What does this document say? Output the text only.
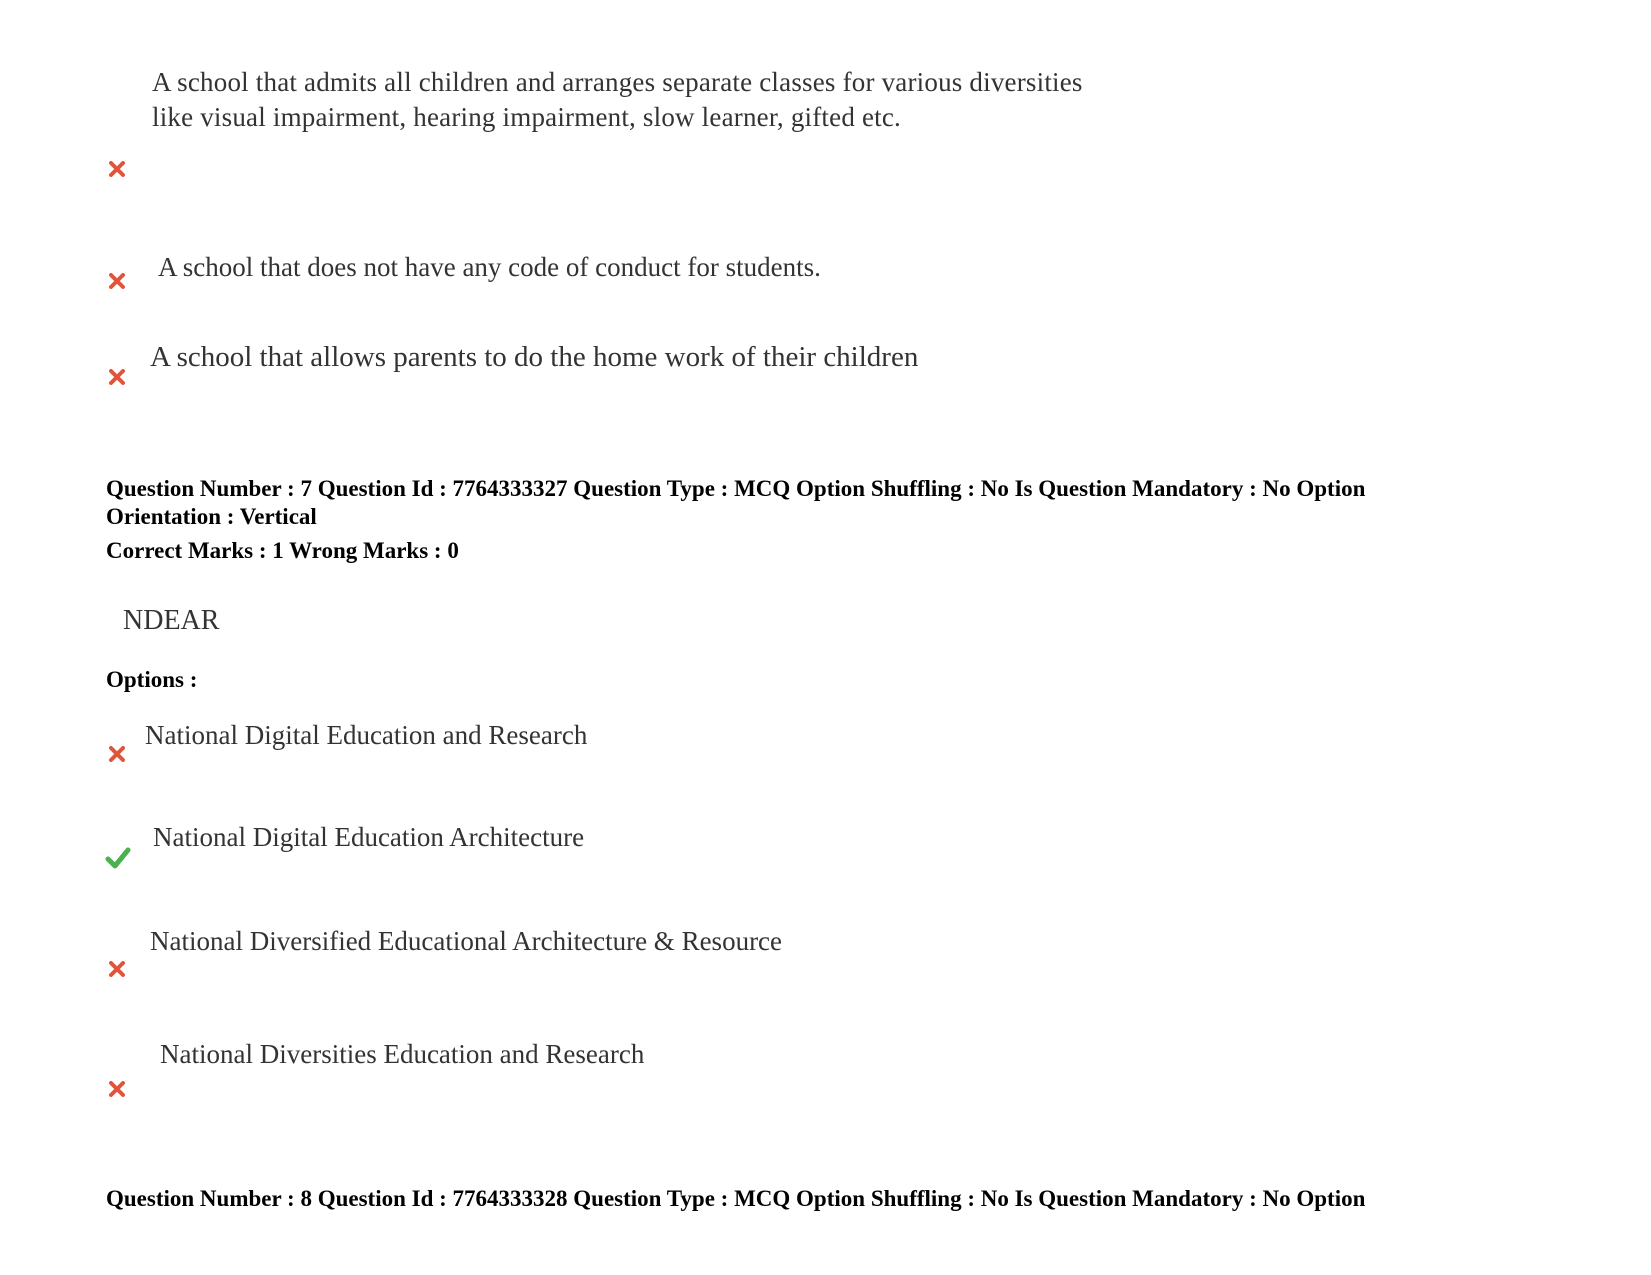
A school that admits all children and arranges separate classes for various diversities like visual impairment, hearing impairment, slow learner, gifted etc.
A school that does not have any code of conduct for students.
A school that allows parents to do the home work of their children
Question Number : 7 Question Id : 7764333327 Question Type : MCQ Option Shuffling : No Is Question Mandatory : No Option
Orientation : Vertical
Correct Marks : 1 Wrong Marks : 0
NDEAR
Options :
National Digital Education and Research
National Digital Education Architecture
National Diversified Educational Architecture & Resource
National Diversities Education and Research
Question Number : 8 Question Id : 7764333328 Question Type : MCQ Option Shuffling : No Is Question Mandatory : No Option
